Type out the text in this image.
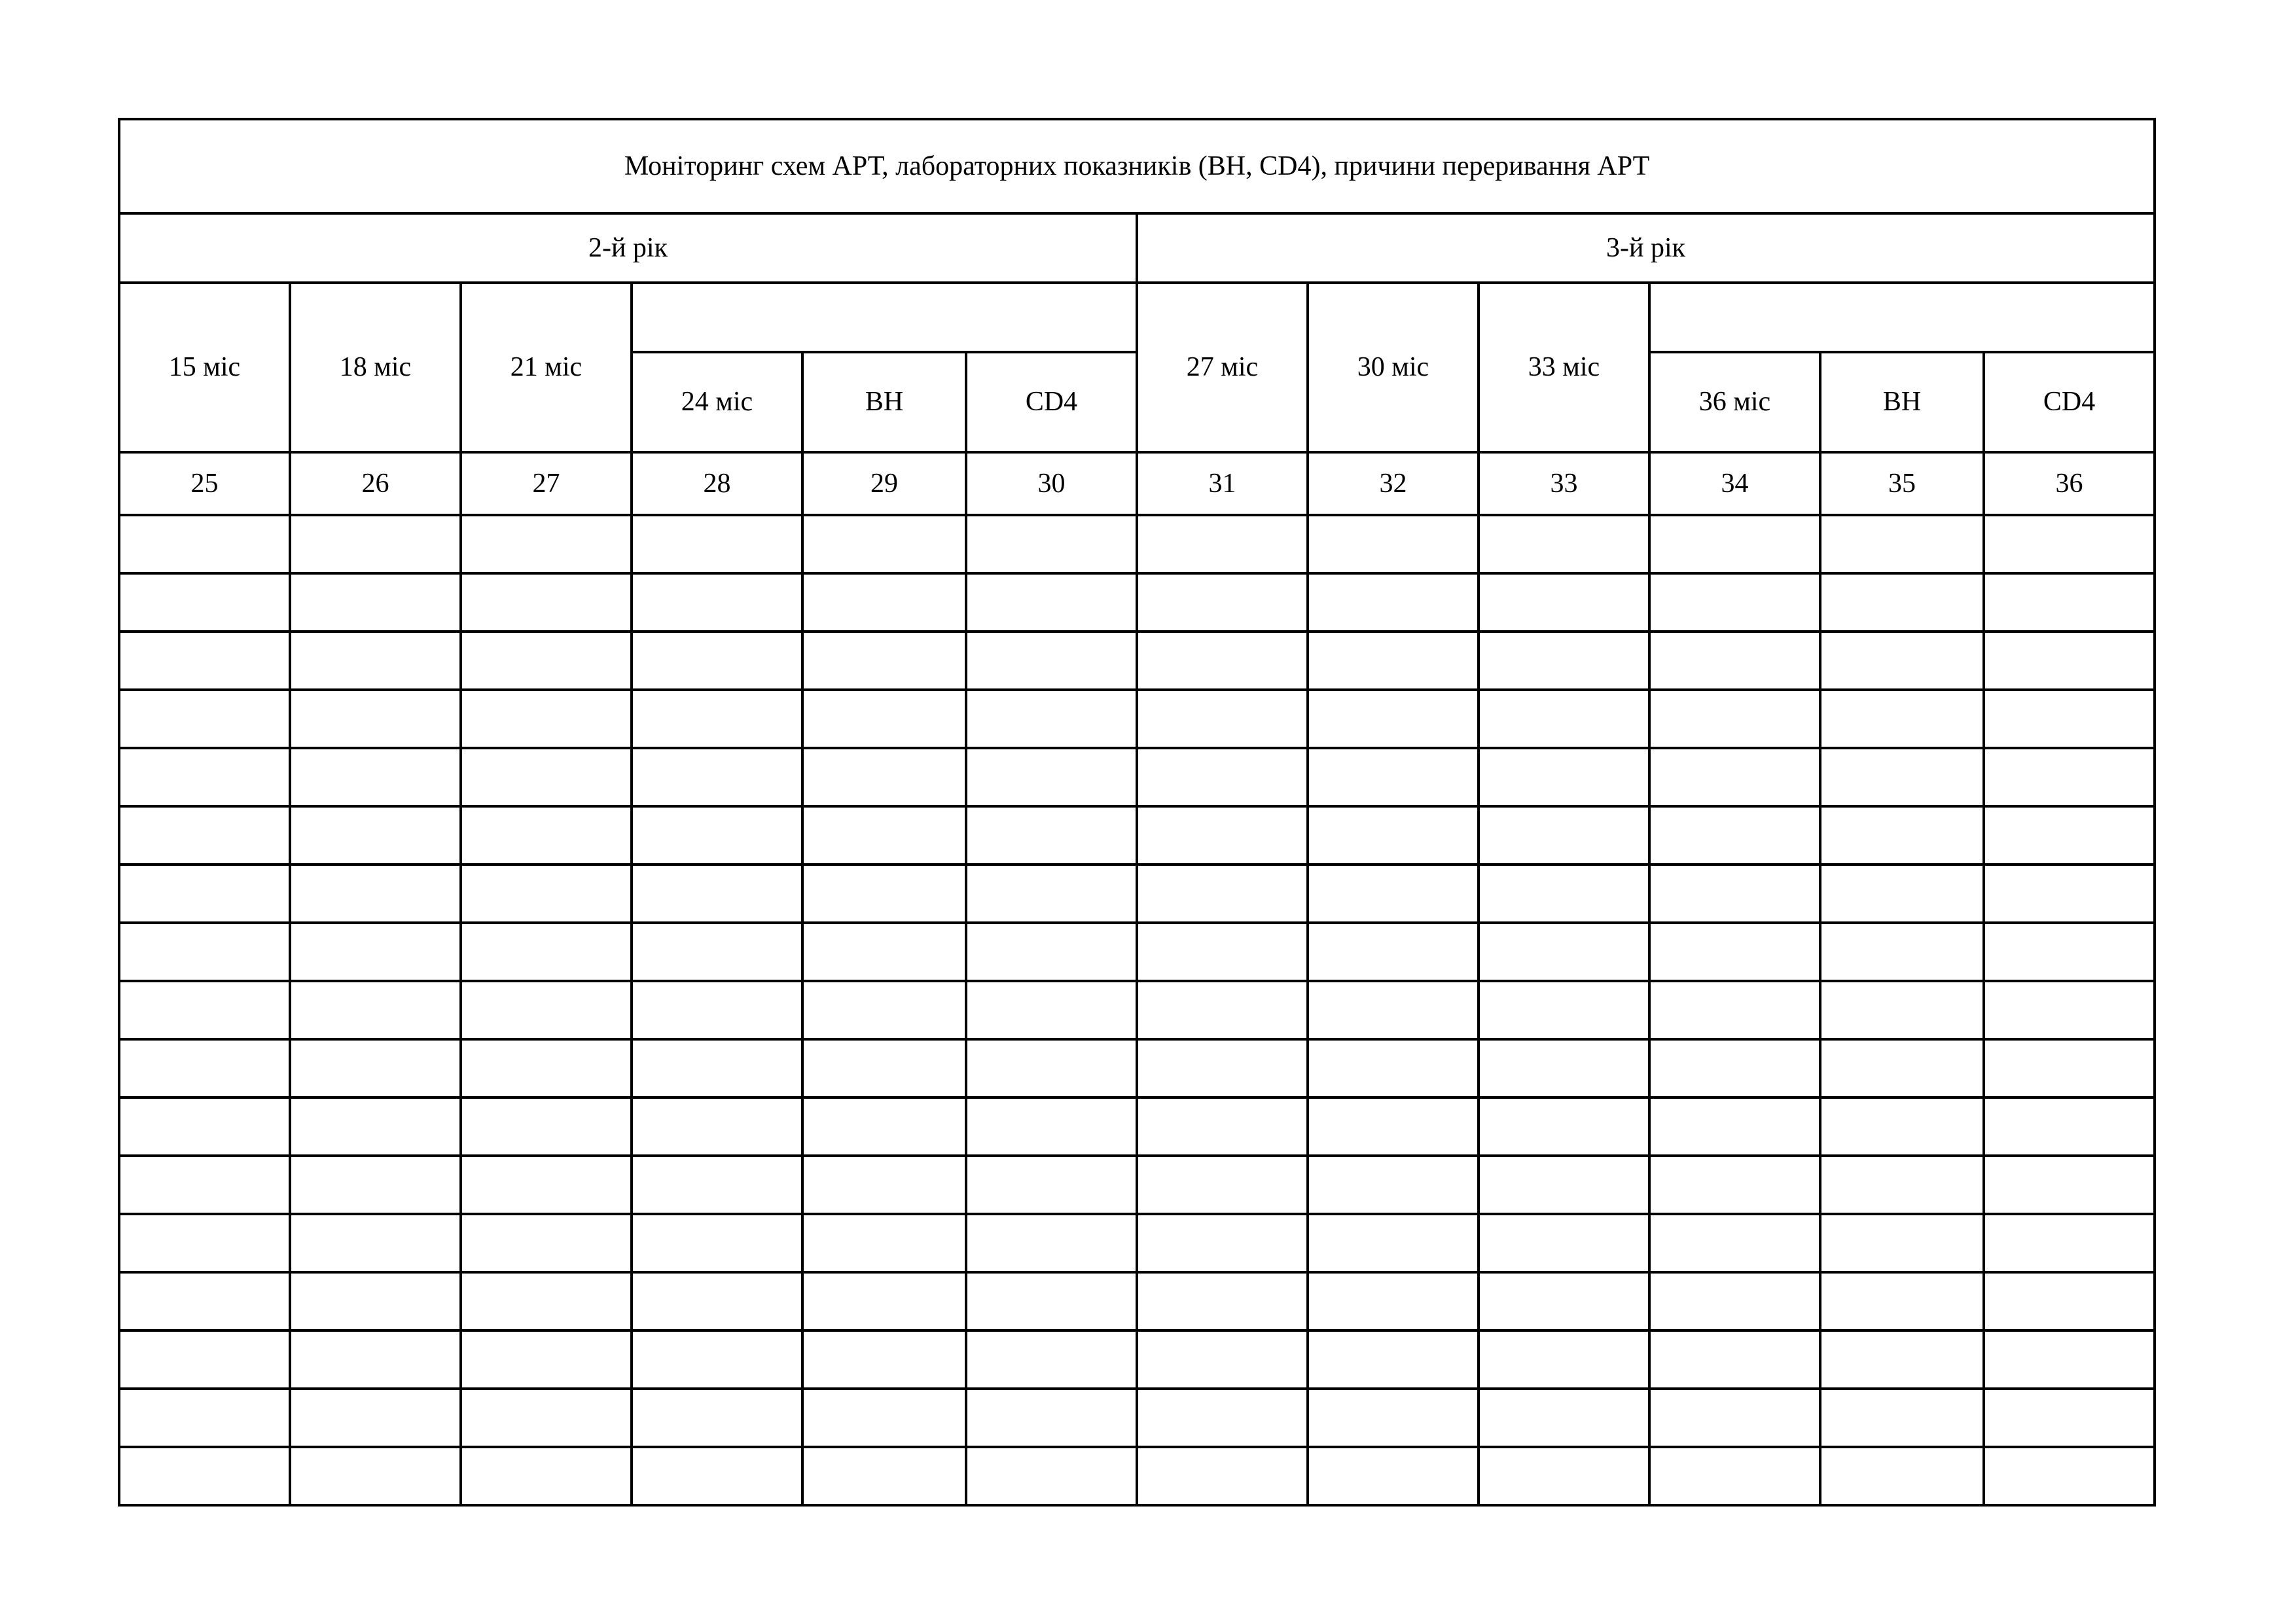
Моніторинг схем АРТ, лабораторних показників (ВН, CD4), причини переривання АРТ											
2-й рік						3-й рік					
15 міс	18 міс	21 міс				27 міс	30 міс	33 міс			
			24 міс	ВН	CD4				36 міс	ВН	CD4
25	26	27	28	29	30	31	32	33	34	35	36
